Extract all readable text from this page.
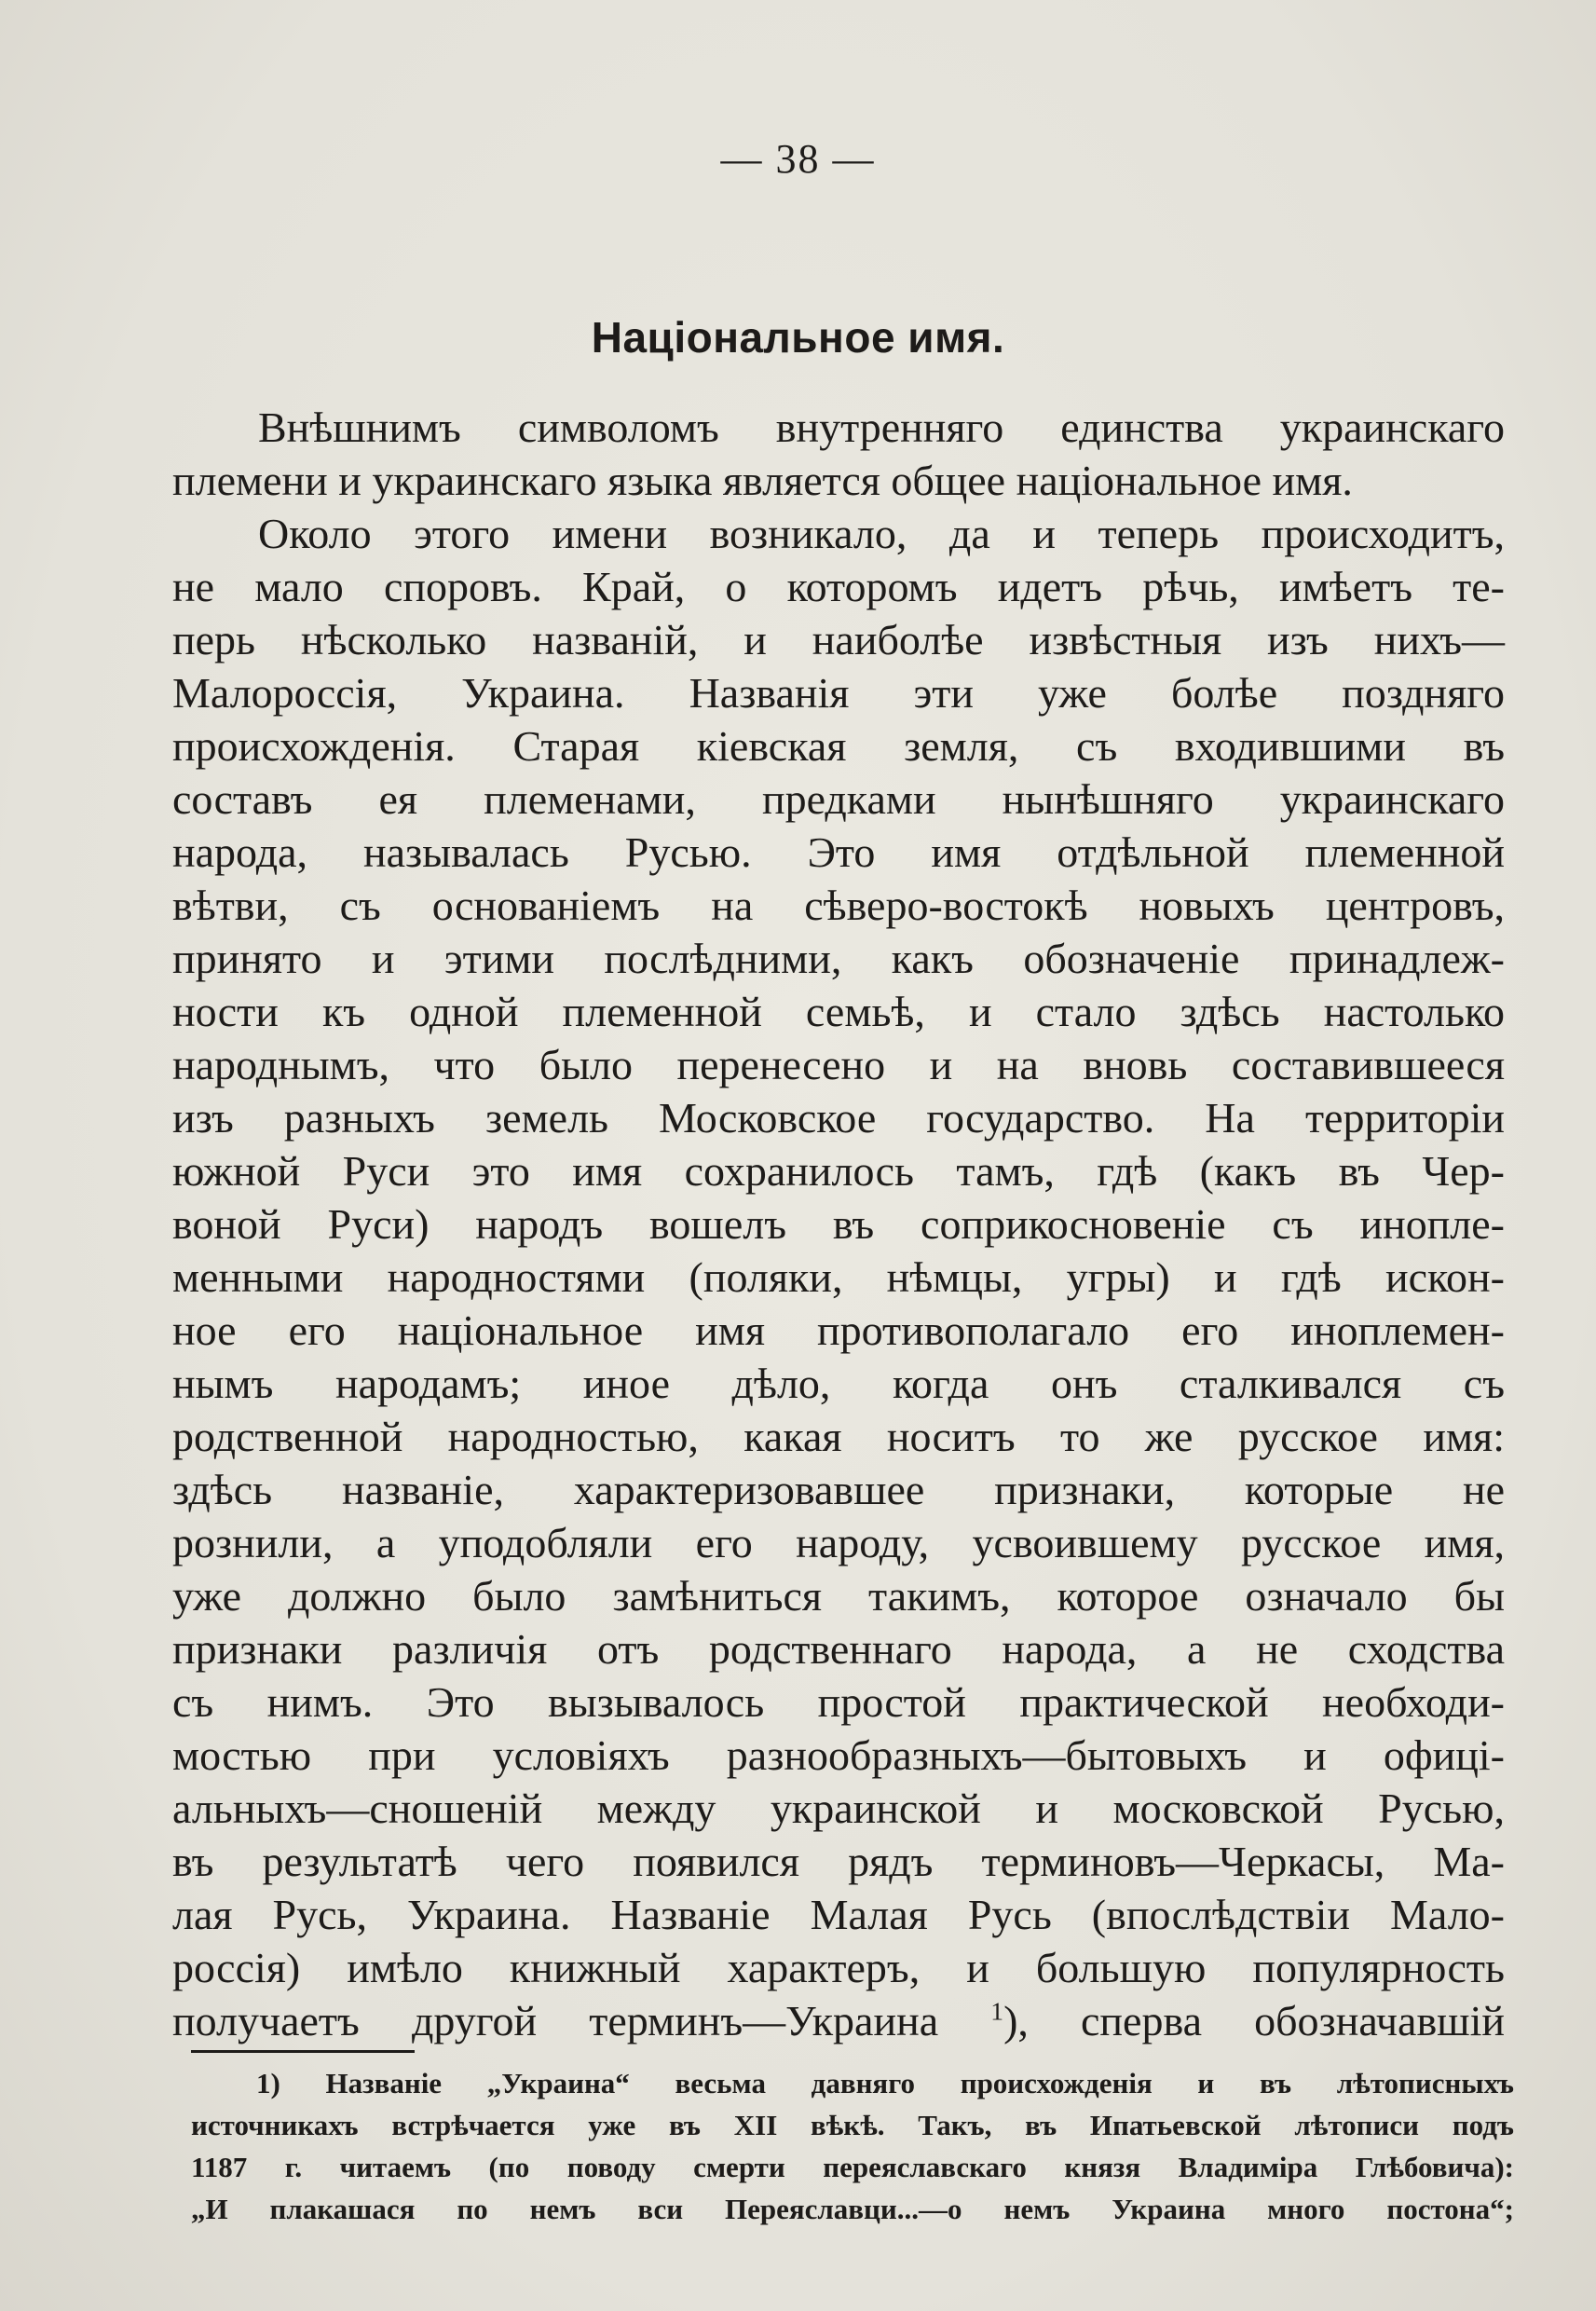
— 38 —
Національное имя.
Внѣшнимъ символомъ внутренняго единства украинскаго
племени и украинскаго языка является общее національное имя.
Около этого имени возникало, да и теперь происходитъ,
не мало споровъ. Край, о которомъ идетъ рѣчь, имѣетъ те-
перь нѣсколько названій, и наиболѣе извѣстныя изъ нихъ—
Малороссія, Украина. Названія эти уже болѣе поздняго
происхожденія. Старая кіевская земля, съ входившими въ
составъ ея племенами, предками нынѣшняго украинскаго
народа, называлась Русью. Это имя отдѣльной племенной
вѣтви, съ основаніемъ на сѣверо-востокѣ новыхъ центровъ,
принято и этими послѣдними, какъ обозначеніе принадлеж-
ности къ одной племенной семьѣ, и стало здѣсь настолько
народнымъ, что было перенесено и на вновь составившееся
изъ разныхъ земель Московское государство. На территоріи
южной Руси это имя сохранилось тамъ, гдѣ (какъ въ Чер-
воной Руси) народъ вошелъ въ соприкосновеніе съ инопле-
менными народностями (поляки, нѣмцы, угры) и гдѣ искон-
ное его національное имя противополагало его иноплемен-
нымъ народамъ; иное дѣло, когда онъ сталкивался съ
родственной народностью, какая носитъ то же русское имя:
здѣсь названіе, характеризовавшее признаки, которые не
рознили, а уподобляли его народу, усвоившему русское имя,
уже должно было замѣниться такимъ, которое означало бы
признаки различія отъ родственнаго народа, а не сходства
съ нимъ. Это вызывалось простой практической необходи-
мостью при условіяхъ разнообразныхъ—бытовыхъ и офиці-
альныхъ—сношеній между украинской и московской Русью,
въ результатѣ чего появился рядъ терминовъ—Черкасы, Ма-
лая Русь, Украина. Названіе Малая Русь (впослѣдствіи Мало-
россія) имѣло книжный характеръ, и большую популярность
получаетъ другой терминъ—Украина $^1$), сперва обозначавшій
1) Названіе „Украина“ весьма давняго происхожденія и въ лѣтописныхъ
источникахъ встрѣчается уже въ XII вѣкѣ. Такъ, въ Ипатьевской лѣтописи подъ
1187 г. читаемъ (по поводу смерти переяславскаго князя Владиміра Глѣбовича):
„И плакашася по немъ вси Переяславци...—о немъ Украина много постона“;
